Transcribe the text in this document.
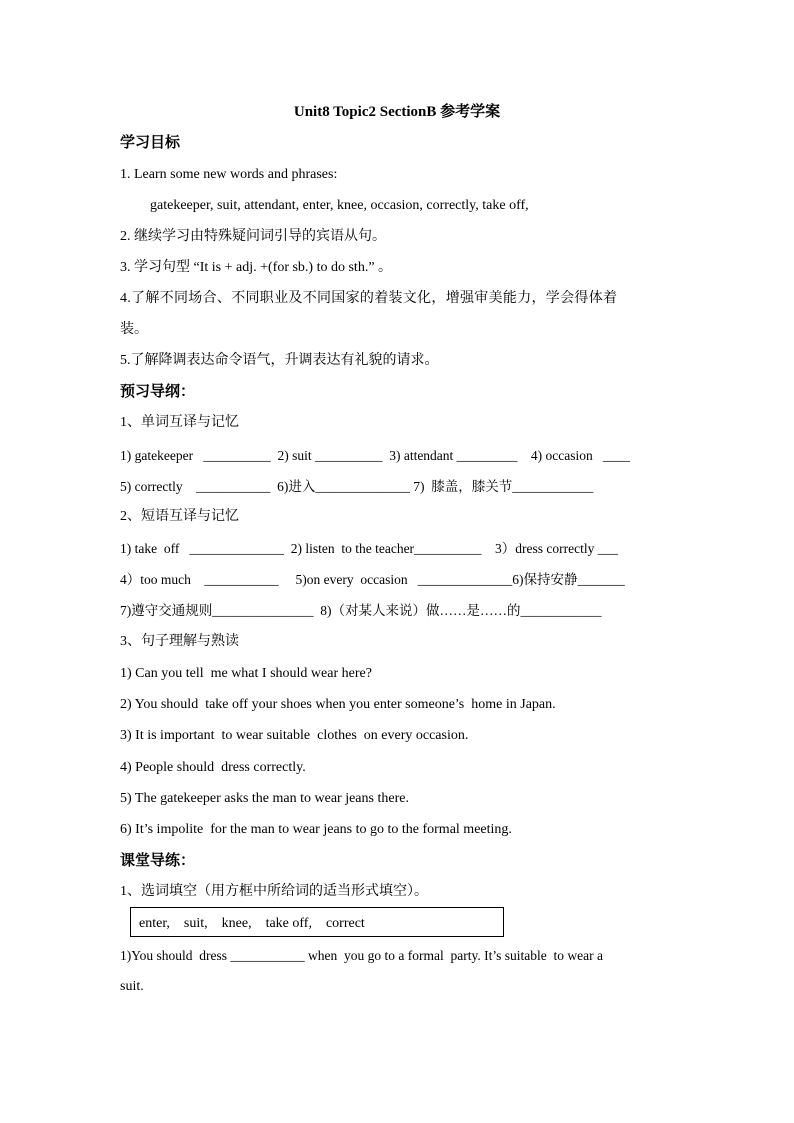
Unit8 Topic2 SectionB 参考学案
学习目标
1. Learn some new words and phrases:
gatekeeper, suit, attendant, enter, knee, occasion, correctly, take off,
2. 继续学习由特殊疑问词引导的宾语从句。
3. 学习句型 “It is + adj. +(for sb.) to do sth.” 。
4.了解不同场合、不同职业及不同国家的着装文化，增强审美能力，学会得体着
装。
5.了解降调表达命令语气，升调表达有礼貌的请求。
预习导纲：
1、单词互译与记忆
1) gatekeeper   __________  2) suit __________  3) attendant _________    4) occasion   ____
5) correctly    ___________  6)进入______________ 7)  膝盖，膝关节____________
2、短语互译与记忆
1) take  off   ______________  2) listen  to the teacher__________    3）dress correctly ___
4）too much    ___________     5)on every  occasion   ______________6)保持安静_______
7)遵守交通规则_______________  8)（对某人来说）做……是……的____________
3、句子理解与熟读
1) Can you tell  me what I should wear here?
2) You should  take off your shoes when you enter someone’s  home in Japan.
3) It is important  to wear suitable  clothes  on every occasion.
4) People should  dress correctly.
5) The gatekeeper asks the man to wear jeans there.
6) It’s impolite  for the man to wear jeans to go to the formal meeting.
课堂导练：
1、选词填空（用方框中所给词的适当形式填空）。
enter,    suit,    knee,    take off,    correct
1)You should  dress ___________ when  you go to a formal  party. It’s suitable  to wear a
suit.
